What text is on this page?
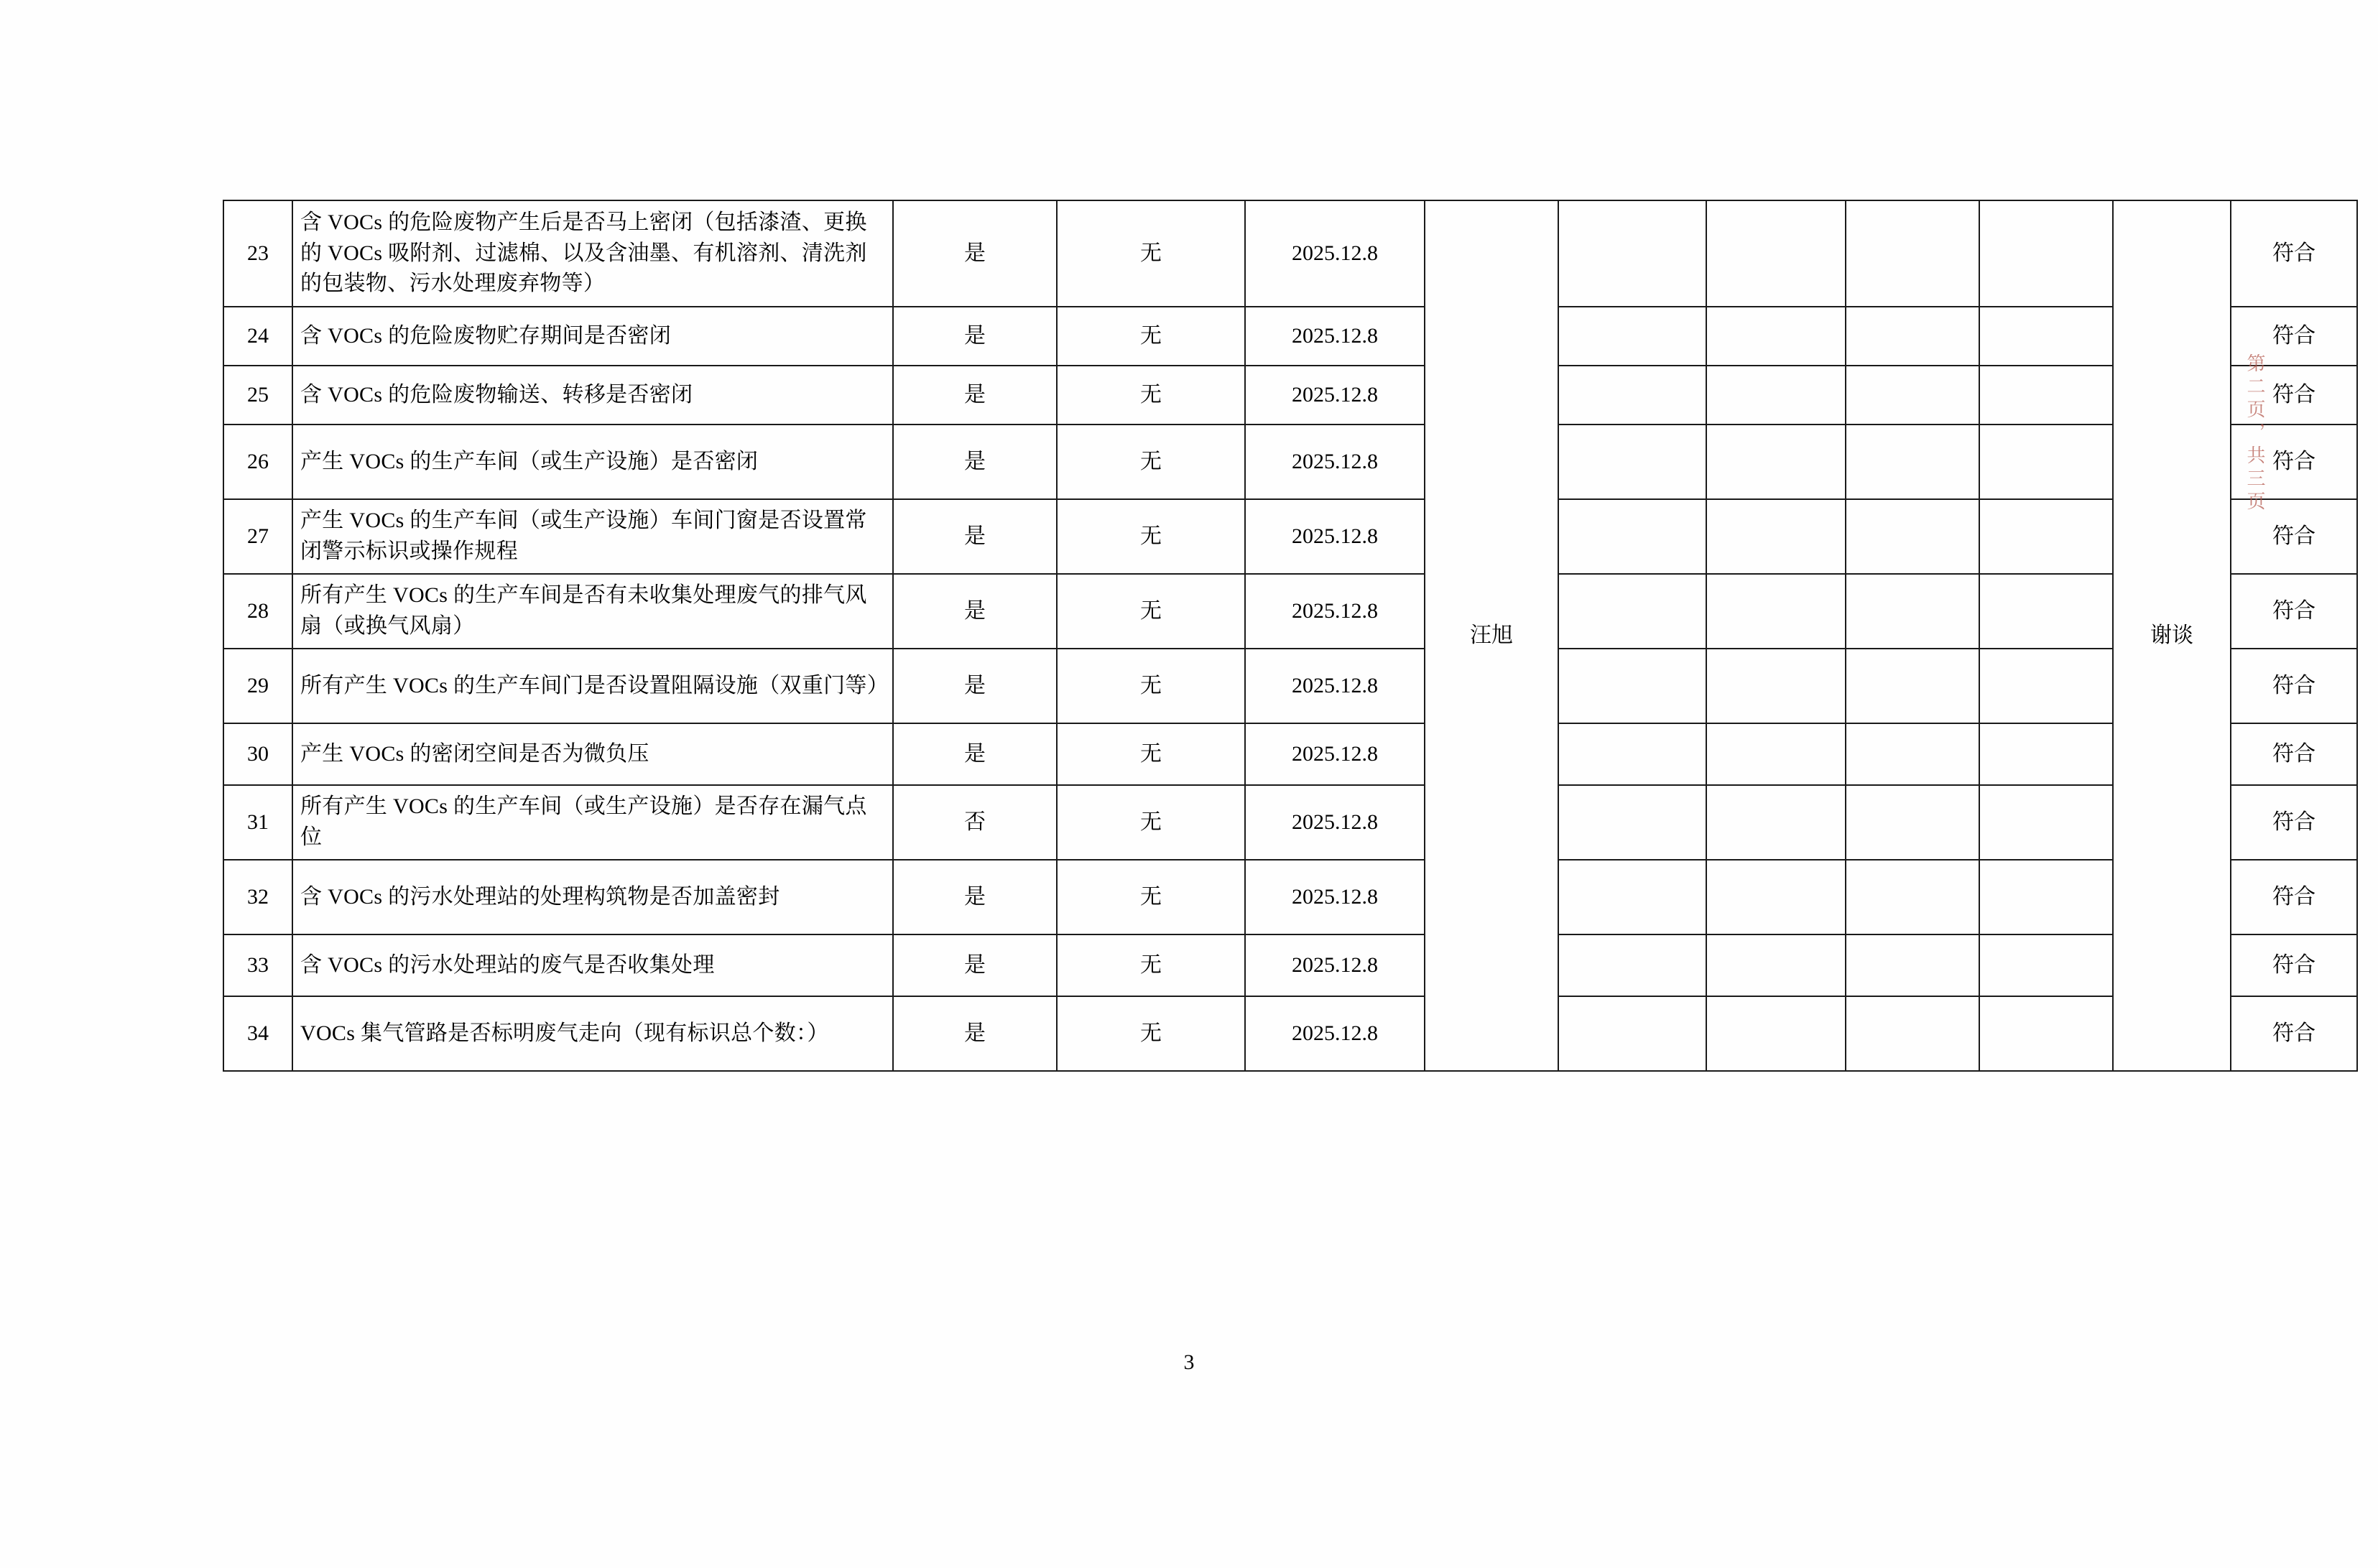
23	含 VOCs 的危险废物产生后是否马上密闭（包括漆渣、更换的 VOCs 吸附剂、过滤棉、以及含油墨、有机溶剂、清洗剂的包装物、污水处理废弃物等）	是	无	2025.12.8	汪旭					谢谈	符合
24	含 VOCs 的危险废物贮存期间是否密闭	是	无	2025.12.8							符合
25	含 VOCs 的危险废物输送、转移是否密闭	是	无	2025.12.8							符合
26	产生 VOCs 的生产车间（或生产设施）是否密闭	是	无	2025.12.8							符合
27	产生 VOCs 的生产车间（或生产设施）车间门窗是否设置常闭警示标识或操作规程	是	无	2025.12.8							符合
28	所有产生 VOCs 的生产车间是否有未收集处理废气的排气风扇（或换气风扇）	是	无	2025.12.8							符合
29	所有产生 VOCs 的生产车间门是否设置阻隔设施（双重门等）	是	无	2025.12.8							符合
30	产生 VOCs 的密闭空间是否为微负压	是	无	2025.12.8							符合
31	所有产生 VOCs 的生产车间（或生产设施）是否存在漏气点位	否	无	2025.12.8							符合
32	含 VOCs 的污水处理站的处理构筑物是否加盖密封	是	无	2025.12.8							符合
33	含 VOCs 的污水处理站的废气是否收集处理	是	无	2025.12.8							符合
34	VOCs 集气管路是否标明废气走向（现有标识总个数：）	是	无	2025.12.8							符合
第二页，共三页
3
